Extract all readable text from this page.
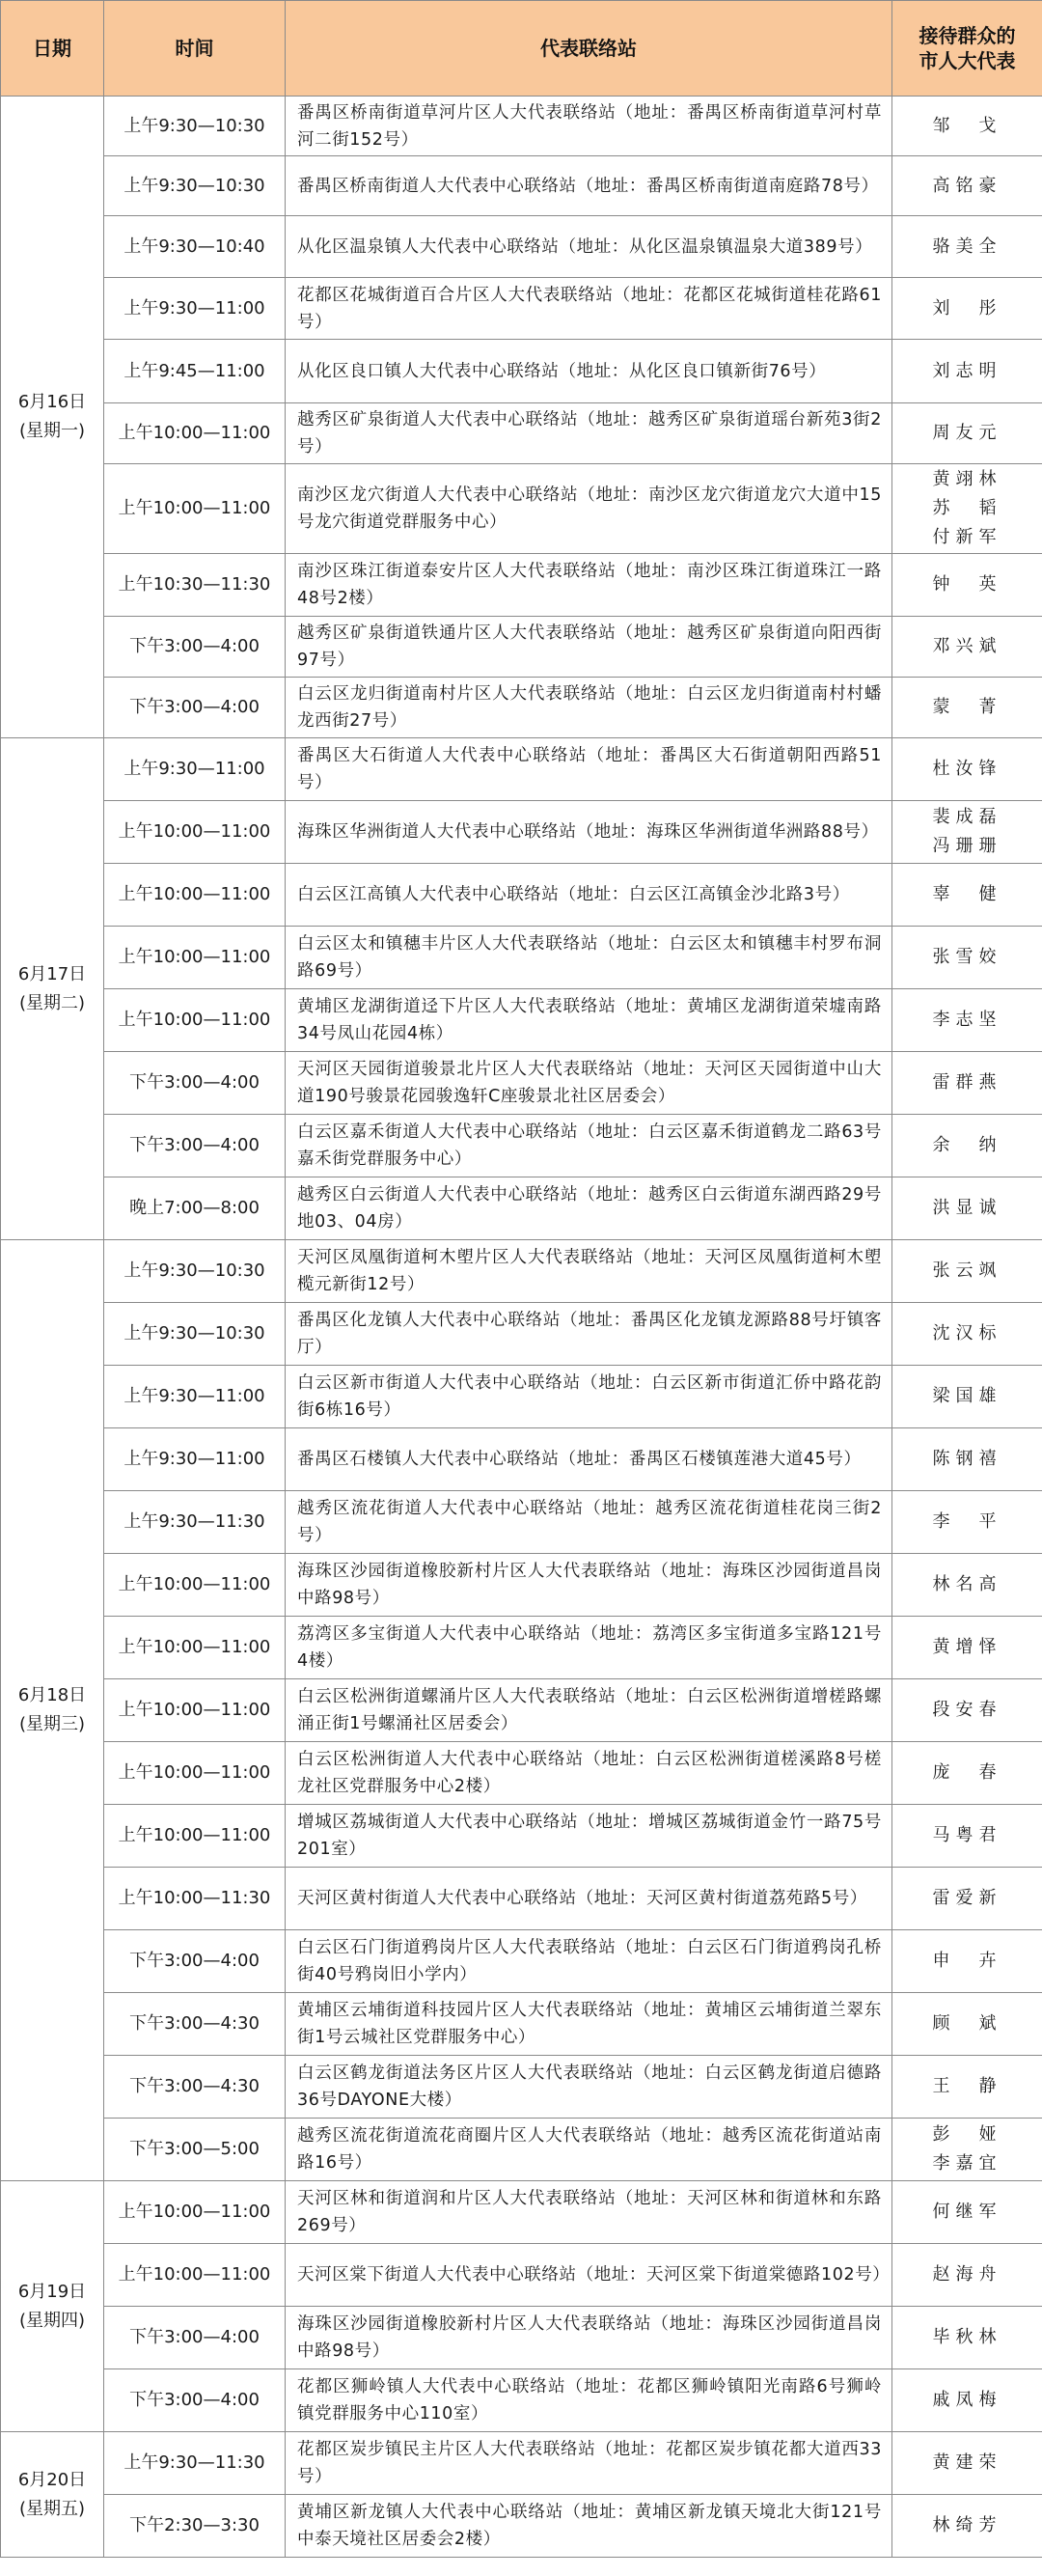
日期	时间	代表联络站	接待群众的市人大代表

6月16日
(星期一)	上午9:30—10:30	番禺区桥南街道草河片区人大代表联络站（地址：番禺区桥南街道草河村草河二街152号）	邹　戈

	上午9:30—10:30	番禺区桥南街道人大代表中心联络站（地址：番禺区桥南街道南庭路78号）	高铭豪

	上午9:30—10:40	从化区温泉镇人大代表中心联络站（地址：从化区温泉镇温泉大道389号）	骆美全

	上午9:30—11:00	花都区花城街道百合片区人大代表联络站（地址：花都区花城街道桂花路61号）	刘　彤

	上午9:45—11:00	从化区良口镇人大代表中心联络站（地址：从化区良口镇新街76号）	刘志明

	上午10:00—11:00	越秀区矿泉街道人大代表中心联络站（地址：越秀区矿泉街道瑶台新苑3街2号）	周友元

	上午10:00—11:00	南沙区龙穴街道人大代表中心联络站（地址：南沙区龙穴街道龙穴大道中15号龙穴街道党群服务中心）	黄翊林
苏　韬
付新军

	上午10:30—11:30	南沙区珠江街道泰安片区人大代表联络站（地址：南沙区珠江街道珠江一路48号2楼）	钟　英

	下午3:00—4:00	越秀区矿泉街道铁通片区人大代表联络站（地址：越秀区矿泉街道向阳西街97号）	邓兴斌

	下午3:00—4:00	白云区龙归街道南村片区人大代表联络站（地址：白云区龙归街道南村村蟠龙西街27号）	蒙　菁

6月17日
(星期二)	上午9:30—11:00	番禺区大石街道人大代表中心联络站（地址：番禺区大石街道朝阳西路51号）	杜汝锋

	上午10:00—11:00	海珠区华洲街道人大代表中心联络站（地址：海珠区华洲街道华洲路88号）	裴成磊
冯珊珊

	上午10:00—11:00	白云区江高镇人大代表中心联络站（地址：白云区江高镇金沙北路3号）	辜　健

	上午10:00—11:00	白云区太和镇穗丰片区人大代表联络站（地址：白云区太和镇穗丰村罗布洞路69号）	张雪姣

	上午10:00—11:00	黄埔区龙湖街道迳下片区人大代表联络站（地址：黄埔区龙湖街道荣墟南路34号凤山花园4栋）	李志坚

	下午3:00—4:00	天河区天园街道骏景北片区人大代表联络站（地址：天河区天园街道中山大道190号骏景花园骏逸轩C座骏景北社区居委会）	雷群燕

	下午3:00—4:00	白云区嘉禾街道人大代表中心联络站（地址：白云区嘉禾街道鹤龙二路63号嘉禾街党群服务中心）	余　纳

	晚上7:00—8:00	越秀区白云街道人大代表中心联络站（地址：越秀区白云街道东湖西路29号地03、04房）	洪显诚

6月18日
(星期三)	上午9:30—10:30	天河区凤凰街道柯木塱片区人大代表联络站（地址：天河区凤凰街道柯木塱榄元新街12号）	张云飒

	上午9:30—10:30	番禺区化龙镇人大代表中心联络站（地址：番禺区化龙镇龙源路88号圩镇客厅）	沈汉标

	上午9:30—11:00	白云区新市街道人大代表中心联络站（地址：白云区新市街道汇侨中路花韵街6栋16号）	梁国雄

	上午9:30—11:00	番禺区石楼镇人大代表中心联络站（地址：番禺区石楼镇莲港大道45号）	陈钢禧

	上午9:30—11:30	越秀区流花街道人大代表中心联络站（地址：越秀区流花街道桂花岗三街2号）	李　平

	上午10:00—11:00	海珠区沙园街道橡胶新村片区人大代表联络站（地址：海珠区沙园街道昌岗中路98号）	林名高

	上午10:00—11:00	荔湾区多宝街道人大代表中心联络站（地址：荔湾区多宝街道多宝路121号4楼）	黄增怿

	上午10:00—11:00	白云区松洲街道螺涌片区人大代表联络站（地址：白云区松洲街道增槎路螺涌正街1号螺涌社区居委会）	段安春

	上午10:00—11:00	白云区松洲街道人大代表中心联络站（地址：白云区松洲街道槎溪路8号槎龙社区党群服务中心2楼）	庞　春

	上午10:00—11:00	增城区荔城街道人大代表中心联络站（地址：增城区荔城街道金竹一路75号201室）	马粤君

	上午10:00—11:30	天河区黄村街道人大代表中心联络站（地址：天河区黄村街道荔苑路5号）	雷爱新

	下午3:00—4:00	白云区石门街道鸦岗片区人大代表联络站（地址：白云区石门街道鸦岗孔桥街40号鸦岗旧小学内）	申　卉

	下午3:00—4:30	黄埔区云埔街道科技园片区人大代表联络站（地址：黄埔区云埔街道兰翠东街1号云城社区党群服务中心）	顾　斌

	下午3:00—4:30	白云区鹤龙街道法务区片区人大代表联络站（地址：白云区鹤龙街道启德路36号DAYONE大楼）	王　静

	下午3:00—5:00	越秀区流花街道流花商圈片区人大代表联络站（地址：越秀区流花街道站南路16号）	彭　娅
李嘉宜

6月19日
(星期四)	上午10:00—11:00	天河区林和街道润和片区人大代表联络站（地址：天河区林和街道林和东路269号）	何继军

	上午10:00—11:00	天河区棠下街道人大代表中心联络站（地址：天河区棠下街道棠德路102号）	赵海舟

	下午3:00—4:00	海珠区沙园街道橡胶新村片区人大代表联络站（地址：海珠区沙园街道昌岗中路98号）	毕秋林

	下午3:00—4:00	花都区狮岭镇人大代表中心联络站（地址：花都区狮岭镇阳光南路6号狮岭镇党群服务中心110室）	戚凤梅

6月20日
(星期五)	上午9:30—11:30	花都区炭步镇民主片区人大代表联络站（地址：花都区炭步镇花都大道西33号）	黄建荣

	下午2:30—3:30	黄埔区新龙镇人大代表中心联络站（地址：黄埔区新龙镇天境北大街121号中泰天境社区居委会2楼）	林绮芳
